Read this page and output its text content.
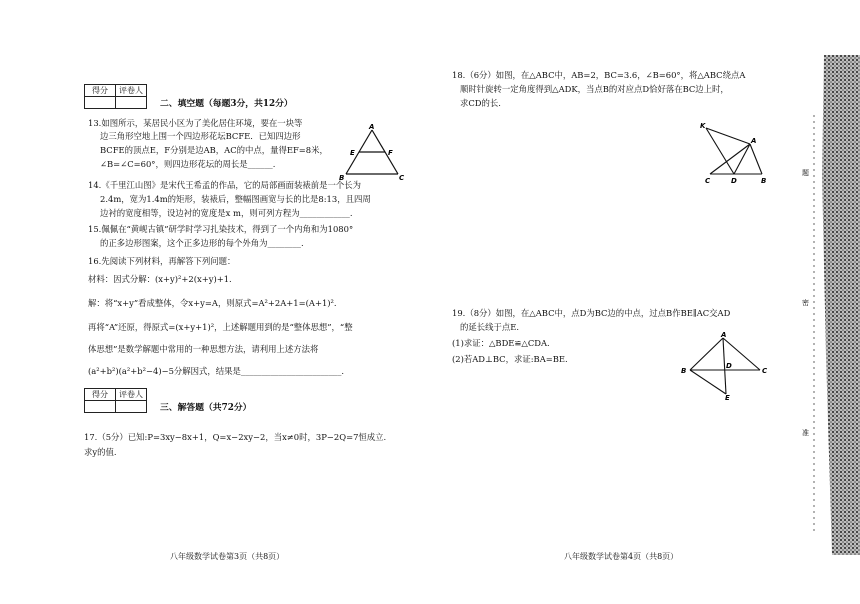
得分	评卷人

二、填空题（每题3分，共12分）
13.如图所示，某居民小区为了美化居住环境，要在一块等
边三角形空地上围一个四边形花坛BCFE．已知四边形
BCFE的顶点E，F分别是边AB，AC的中点，量得EF=8米，
∠B=∠C=60°，则四边形花坛的周长是______.
A
E	F
B	C
14.《千里江山图》是宋代王希孟的作品，它的局部画面装裱前是一个长为
2.4m，宽为1.4m的矩形，装裱后，整幅图画宽与长的比是8:13，且四周
边衬的宽度相等，设边衬的宽度是x m，则可列方程为____________.
15.佩佩在“黄岘古镇”研学时学习扎染技术，得到了一个内角和为1080°
的正多边形图案，这个正多边形的每个外角为________.
16.先阅读下列材料，再解答下列问题：
材料：因式分解：(x+y)²+2(x+y)+1.
解：将“x+y”看成整体，令x+y=A，则原式=A²+2A+1=(A+1)².
再将“A”还原，得原式=(x+y+1)²，上述解题用到的是“整体思想”，“整
体思想”是数学解题中常用的一种思想方法，请利用上述方法将
(a²+b²)(a²+b²−4)−5分解因式，结果是________________________.
得分	评卷人

三、解答题（共72分）
17.（5分）已知:P=3xy−8x+1，Q=x−2xy−2，当x≠0时，3P−2Q=7恒成立.
求y的值.
八年级数学试卷第3页（共8页）
18.（6分）如图，在△ABC中，AB=2，BC=3.6，∠B=60°，将△ABC绕点A
顺时针旋转一定角度得到△ADK，当点B的对应点D恰好落在BC边上时，
求CD的长.
K
A
C	D	B
19.（8分）如图，在△ABC中，点D为BC边的中点，过点B作BE∥AC交AD
的延长线于点E.
(1)求证：△BDE≌△CDA.
(2)若AD⊥BC，求证:BA=BE.
A
B
D
C
E
八年级数学试卷第4页（共8页）
题
密
准
